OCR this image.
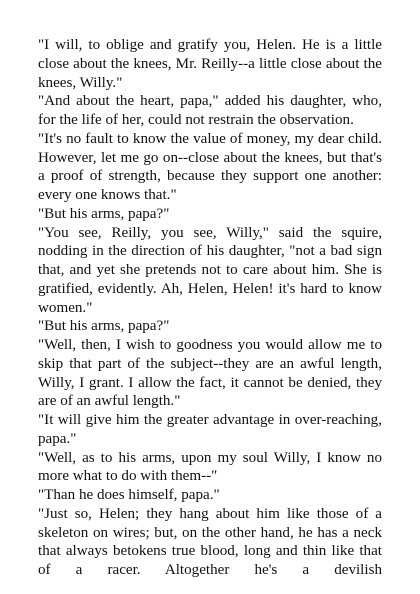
"I will, to oblige and gratify you, Helen. He is a little close about the knees, Mr. Reilly--a little close about the knees, Willy."

"And about the heart, papa," added his daughter, who, for the life of her, could not restrain the observation.

"It's no fault to know the value of money, my dear child. However, let me go on--close about the knees, but that's a proof of strength, because they support one another: every one knows that."

"But his arms, papa?"

"You see, Reilly, you see, Willy," said the squire, nodding in the direction of his daughter, "not a bad sign that, and yet she pretends not to care about him. She is gratified, evidently. Ah, Helen, Helen! it's hard to know women."

"But his arms, papa?"

"Well, then, I wish to goodness you would allow me to skip that part of the subject--they are an awful length, Willy, I grant. I allow the fact, it cannot be denied, they are of an awful length."

"It will give him the greater advantage in over-reaching, papa."

"Well, as to his arms, upon my soul Willy, I know no more what to do with them--"

"Than he does himself, papa."

"Just so, Helen; they hang about him like those of a skeleton on wires; but, on the other hand, he has a neck that always betokens true blood, long and thin like that of a racer. Altogether he's a devilish
